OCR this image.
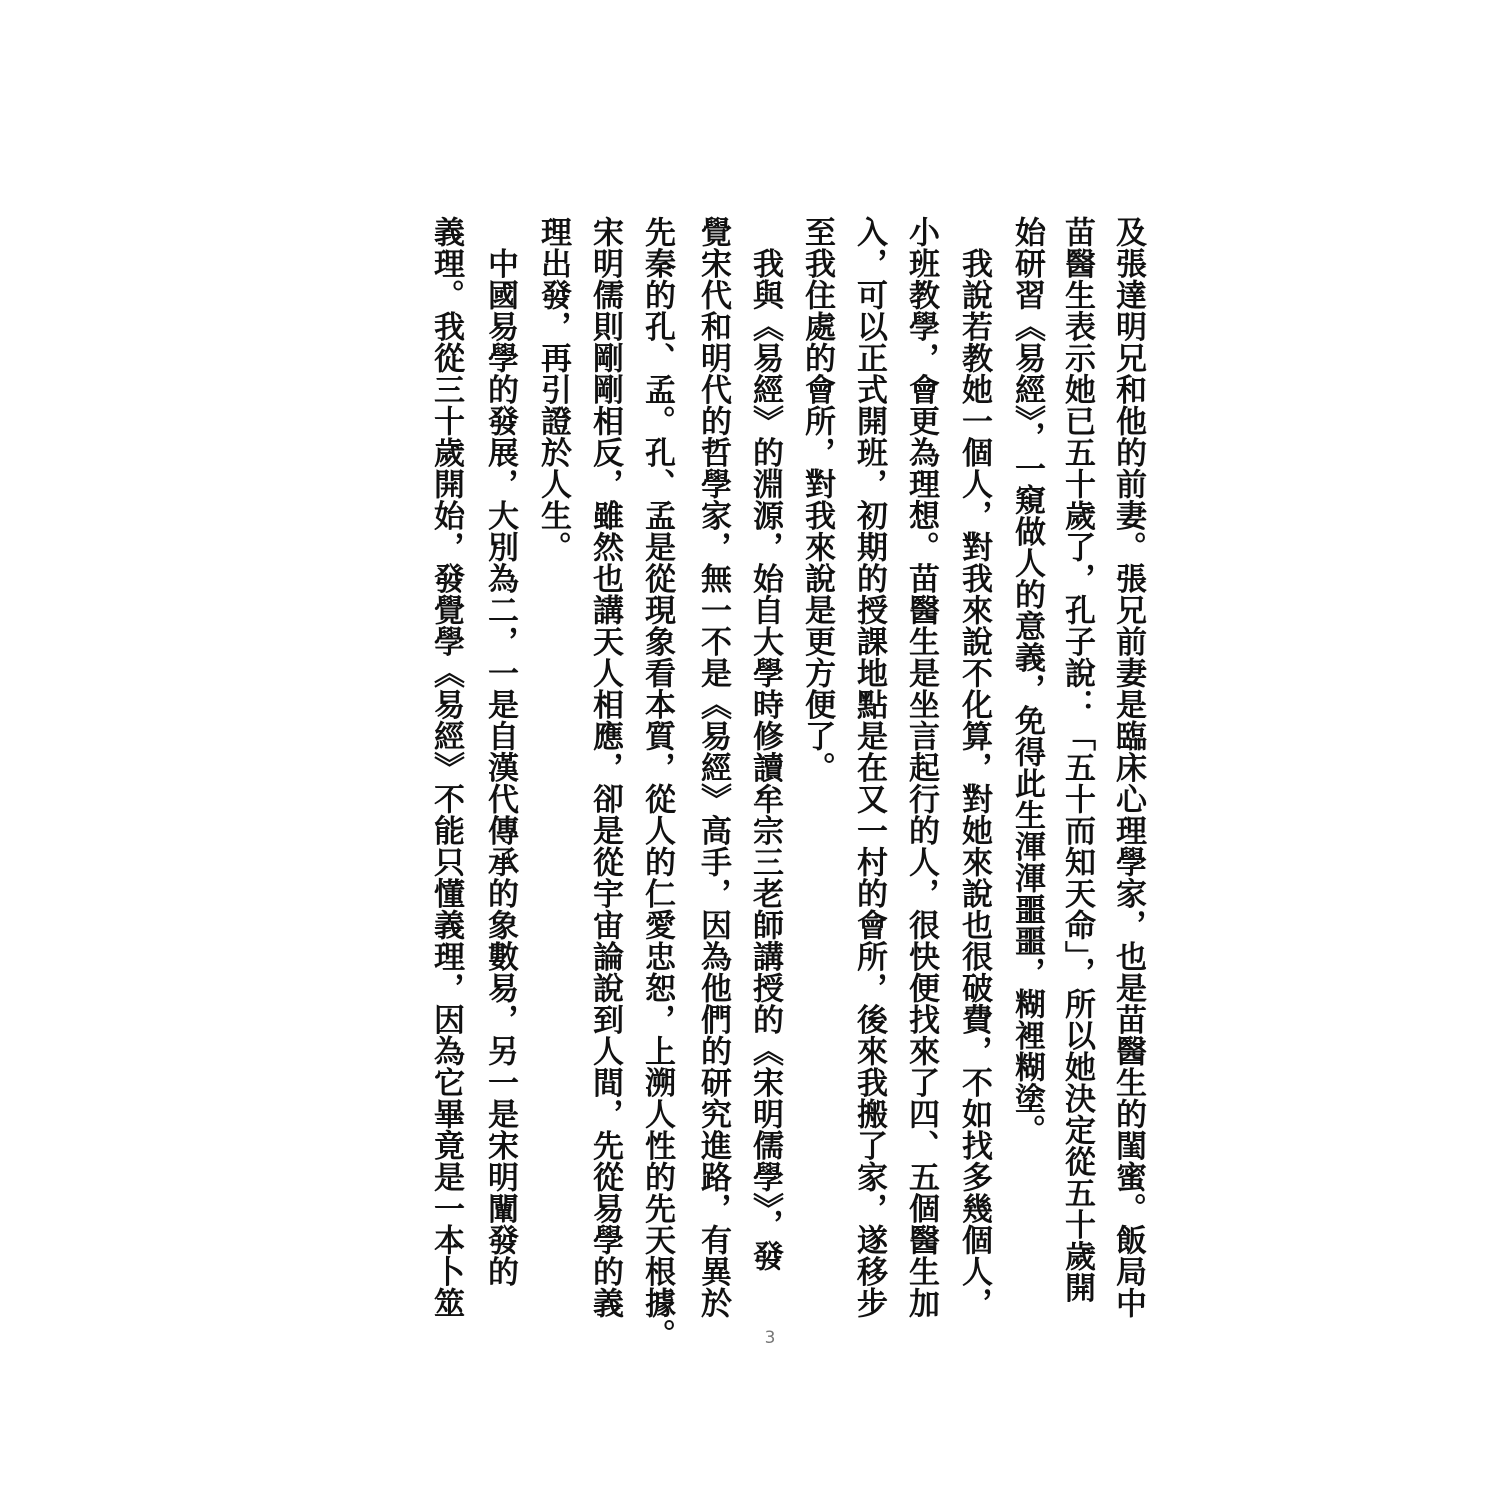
及張達明兄和他的前妻。張兄前妻是臨床心理學家，也是苗醫生的閨蜜。飯局中
苗醫生表示她已五十歲了，孔子說：「五十而知天命」，所以她決定從五十歲開
始研習《易經》，一窺做人的意義，免得此生渾渾噩噩，糊裡糊塗。
　我說若教她一個人，對我來說不化算，對她來說也很破費，不如找多幾個人，
小班教學，會更為理想。苗醫生是坐言起行的人，很快便找來了四、五個醫生加
入，可以正式開班，初期的授課地點是在又一村的會所，後來我搬了家，遂移步
至我住處的會所，對我來說是更方便了。
　我與《易經》的淵源，始自大學時修讀牟宗三老師講授的《宋明儒學》，發
覺宋代和明代的哲學家，無一不是《易經》高手，因為他們的研究進路，有異於
先秦的孔、孟。孔、孟是從現象看本質，從人的仁愛忠恕，上溯人性的先天根據。
宋明儒則剛剛相反，雖然也講天人相應，卻是從宇宙論說到人間，先從易學的義
理出發，再引證於人生。
　中國易學的發展，大別為二，一是自漢代傳承的象數易，另一是宋明闡發的
義理。我從三十歲開始，發覺學《易經》不能只懂義理，因為它畢竟是一本卜筮
3
